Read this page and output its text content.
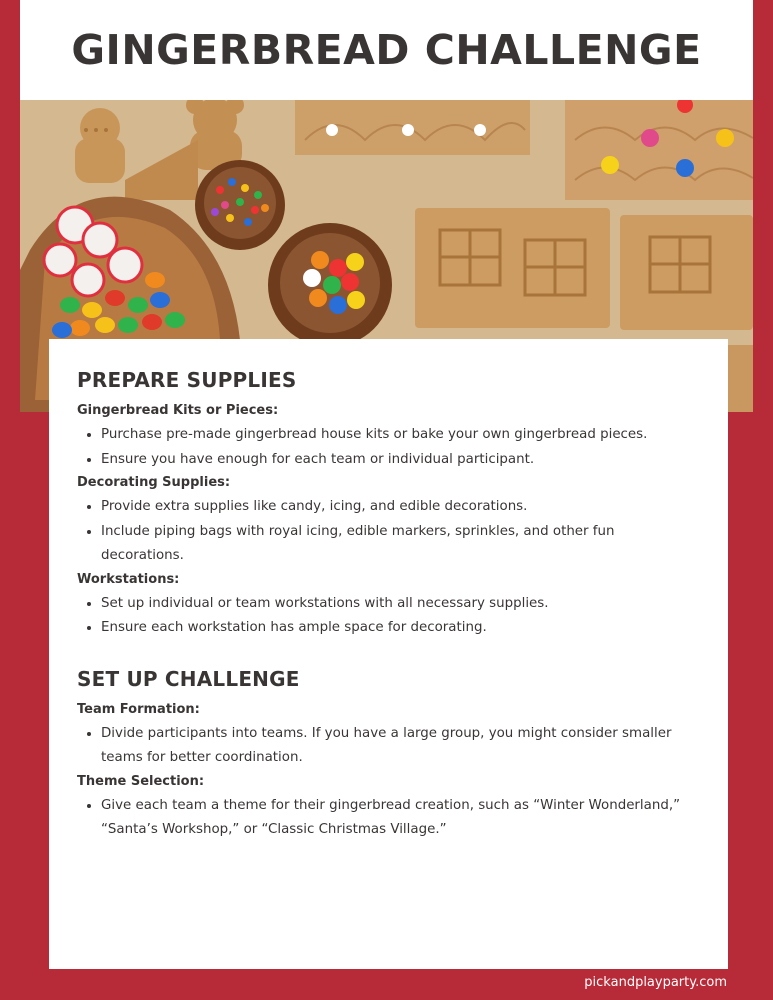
GINGERBREAD CHALLENGE
PREPARE SUPPLIES
Gingerbread Kits or Pieces:
• Purchase pre-made gingerbread house kits or bake your own gingerbread pieces.
• Ensure you have enough for each team or individual participant.
Decorating Supplies:
• Provide extra supplies like candy, icing, and edible decorations.
• Include piping bags with royal icing, edible markers, sprinkles, and other fun decorations.
Workstations:
• Set up individual or team workstations with all necessary supplies.
• Ensure each workstation has ample space for decorating.
SET UP CHALLENGE
Team Formation:
• Divide participants into teams. If you have a large group, you might consider smaller teams for better coordination.
Theme Selection:
• Give each team a theme for their gingerbread creation, such as “Winter Wonderland,” “Santa’s Workshop,” or “Classic Christmas Village.”
pickandplayparty.com
